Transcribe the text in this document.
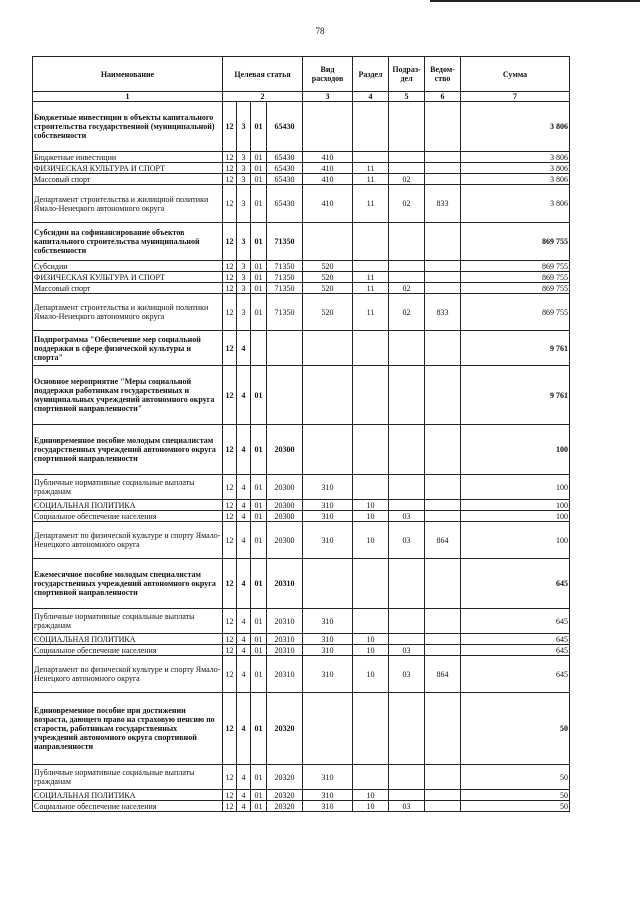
78
Наименование	Целевая статья				Вид расходов	Раздел	Подраз-дел	Ведом-ство	Сумма
1	2				3	4	5	6	7
Бюджетные инвестиции в объекты капитального строительства государственной (муниципальной) собственности	12	3	01	65430					3 806
Бюджетные инвестиции	12	3	01	65430	410				3 806
ФИЗИЧЕСКАЯ КУЛЬТУРА И СПОРТ	12	3	01	65430	410	11			3 806
Массовый спорт	12	3	01	65430	410	11	02		3 806
Департамент строительства и жилищной политики Ямало-Ненецкого автономного округа	12	3	01	65430	410	11	02	833	3 806
Субсидии на софинансирование объектов капитального строительства муниципальной собственности	12	3	01	71350					869 755
Субсидии	12	3	01	71350	520				869 755
ФИЗИЧЕСКАЯ КУЛЬТУРА И СПОРТ	12	3	01	71350	520	11			869 755
Массовый спорт	12	3	01	71350	520	11	02		869 755
Департамент строительства и жилищной политики Ямало-Ненецкого автономного округа	12	3	01	71350	520	11	02	833	869 755
Подпрограмма "Обеспечение мер социальной поддержки в сфере физической культуры и спорта"	12	4							9 761
Основное мероприятие "Меры социальной поддержки работникам государственных и муниципальных учреждений автономного округа спортивной направленности"	12	4	01						9 761
Единовременное пособие молодым специалистам государственных учреждений автономного округа спортивной направленности	12	4	01	20300					100
Публичные нормативные социальные выплаты гражданам	12	4	01	20300	310				100
СОЦИАЛЬНАЯ ПОЛИТИКА	12	4	01	20300	310	10			100
Социальное обеспечение населения	12	4	01	20300	310	10	03		100
Департамент по физической культуре и спорту Ямало-Ненецкого автономного округа	12	4	01	20300	310	10	03	864	100
Ежемесячное пособие молодым специалистам государственных учреждений автономного округа спортивной направленности	12	4	01	20310					645
Публичные нормативные социальные выплаты гражданам	12	4	01	20310	310				645
СОЦИАЛЬНАЯ ПОЛИТИКА	12	4	01	20310	310	10			645
Социальное обеспечение населения	12	4	01	20310	310	10	03		645
Департамент по физической культуре и спорту Ямало-Ненецкого автономного округа	12	4	01	20310	310	10	03	864	645
Единовременное пособие при достижении возраста, дающего право на страховую пенсию по старости, работникам государственных учреждений автономного округа спортивной направленности	12	4	01	20320					50
Публичные нормативные социальные выплаты гражданам	12	4	01	20320	310				50
СОЦИАЛЬНАЯ ПОЛИТИКА	12	4	01	20320	310	10			50
Социальное обеспечение населения	12	4	01	20320	310	10	03		50
